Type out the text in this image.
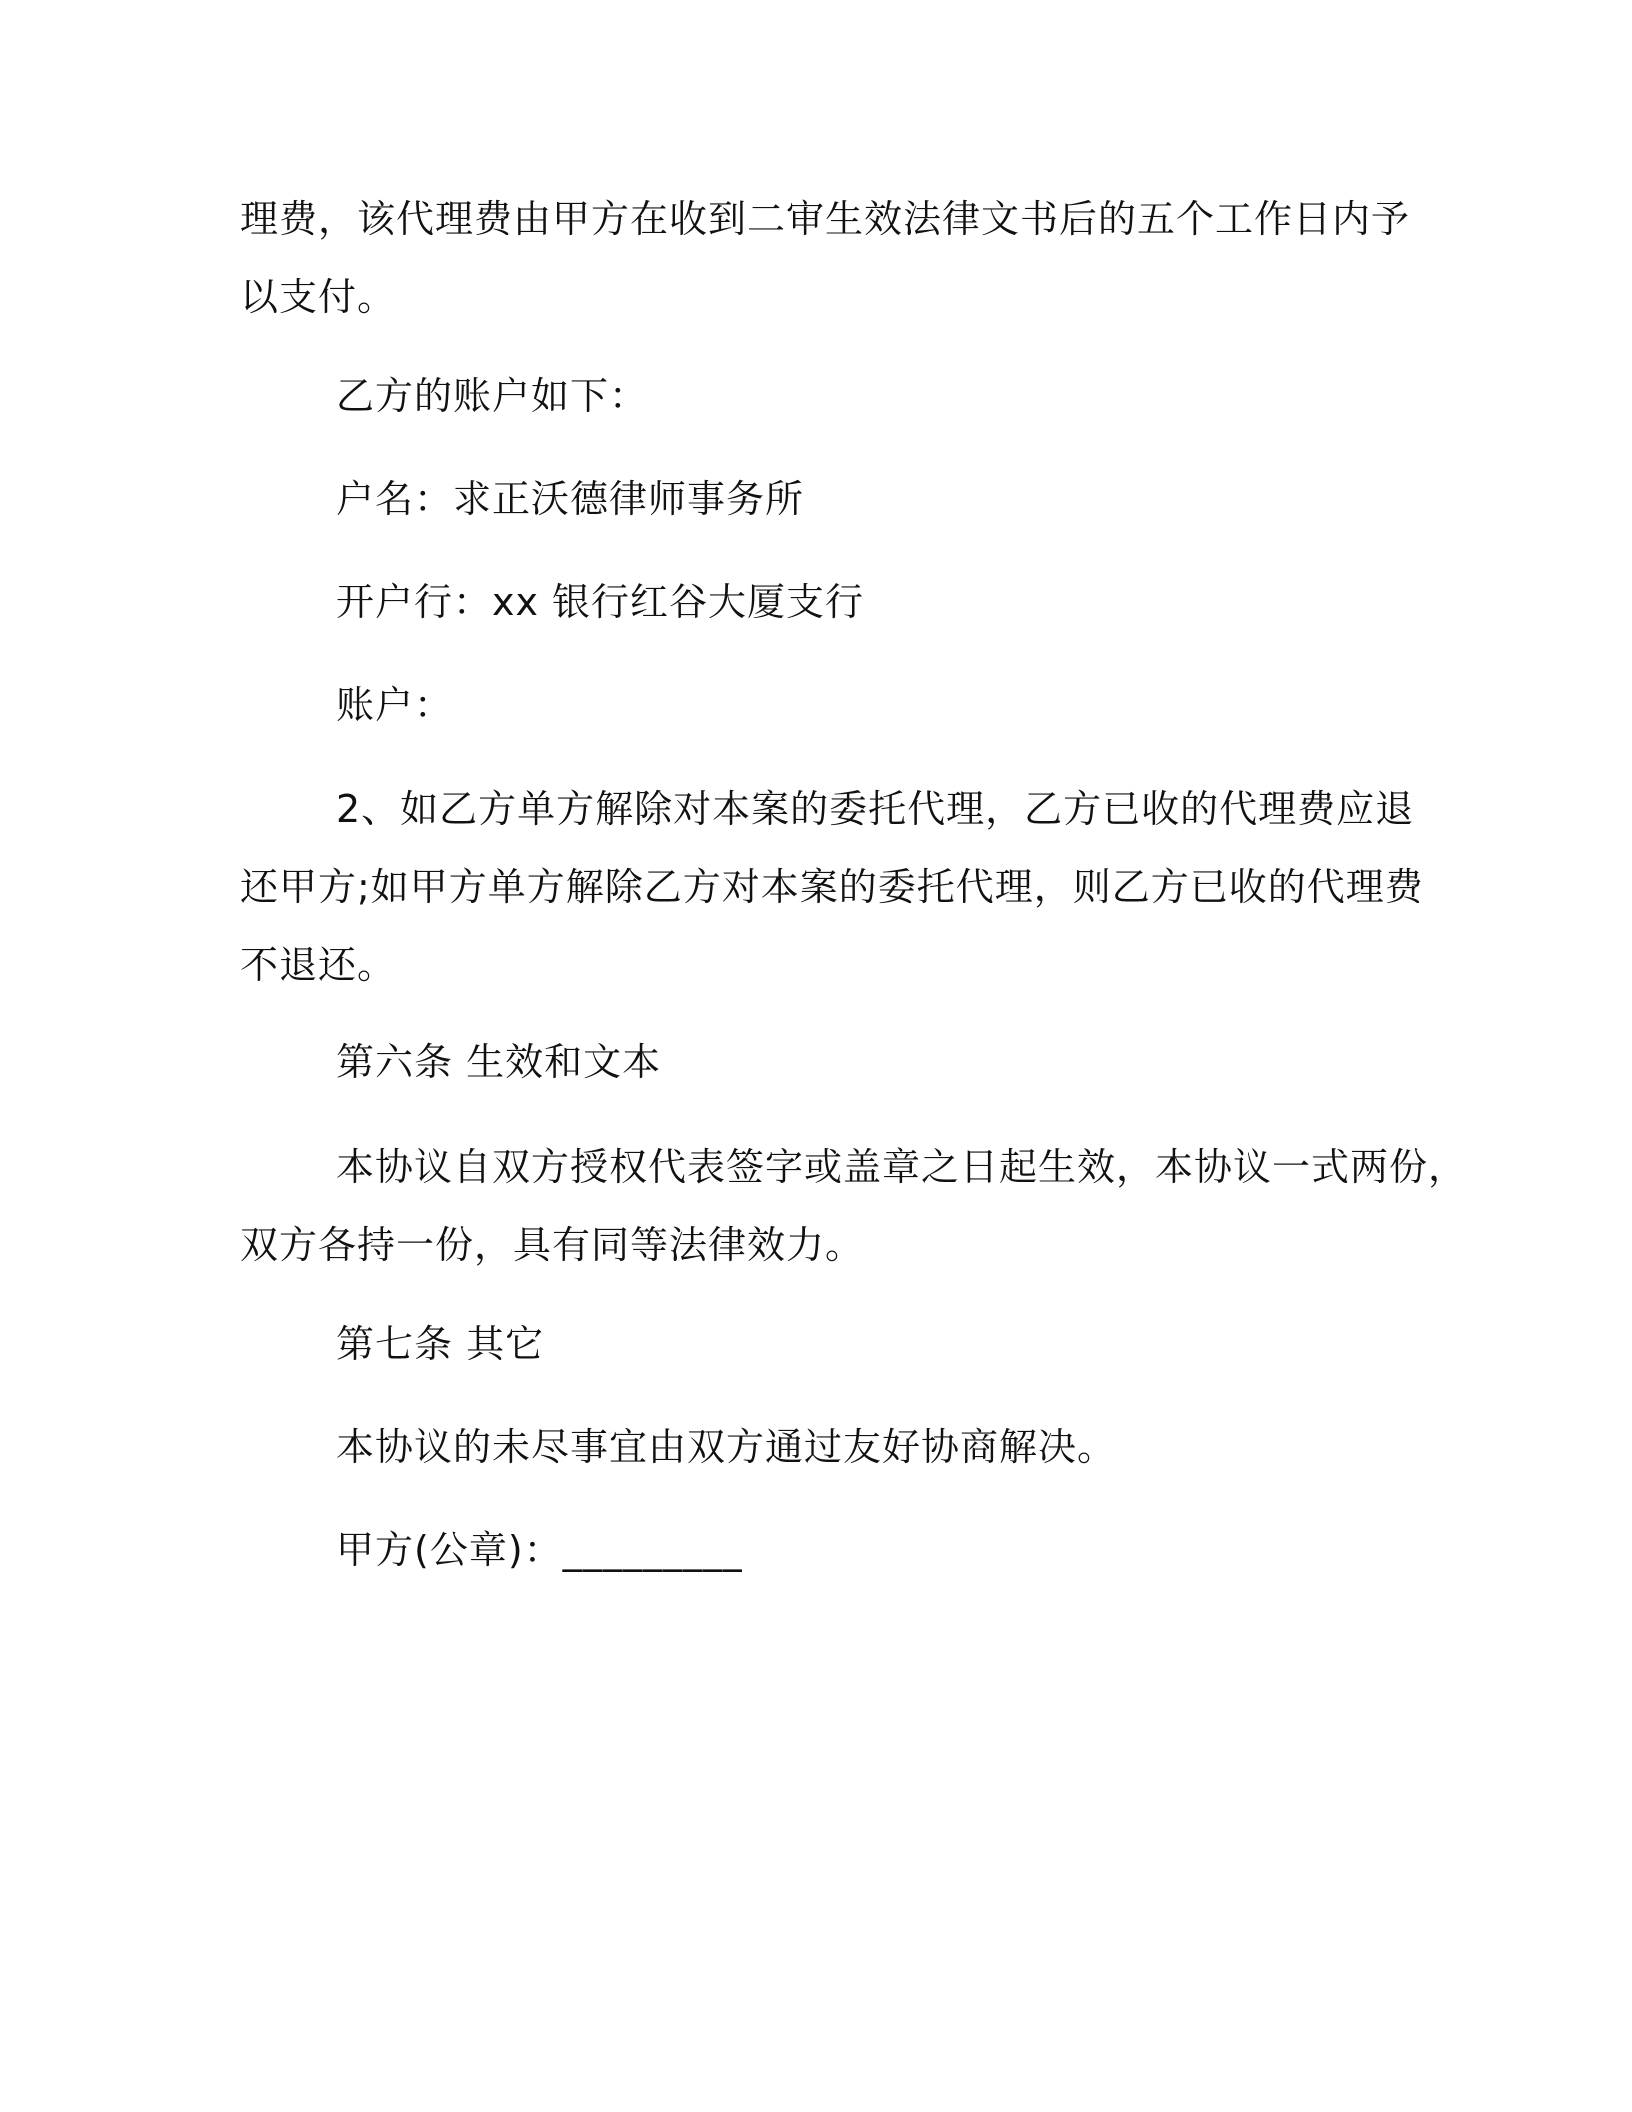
理费，该代理费由甲方在收到二审生效法律文书后的五个工作日内予
以支付。
乙方的账户如下：
户名：求正沃德律师事务所
开户行：xx 银行红谷大厦支行
账户：
2、如乙方单方解除对本案的委托代理，乙方已收的代理费应退
还甲方;如甲方单方解除乙方对本案的委托代理，则乙方已收的代理费
不退还。
第六条 生效和文本
本协议自双方授权代表签字或盖章之日起生效，本协议一式两份，
双方各持一份，具有同等法律效力。
第七条 其它
本协议的未尽事宜由双方通过友好协商解决。
甲方(公章)：_________
